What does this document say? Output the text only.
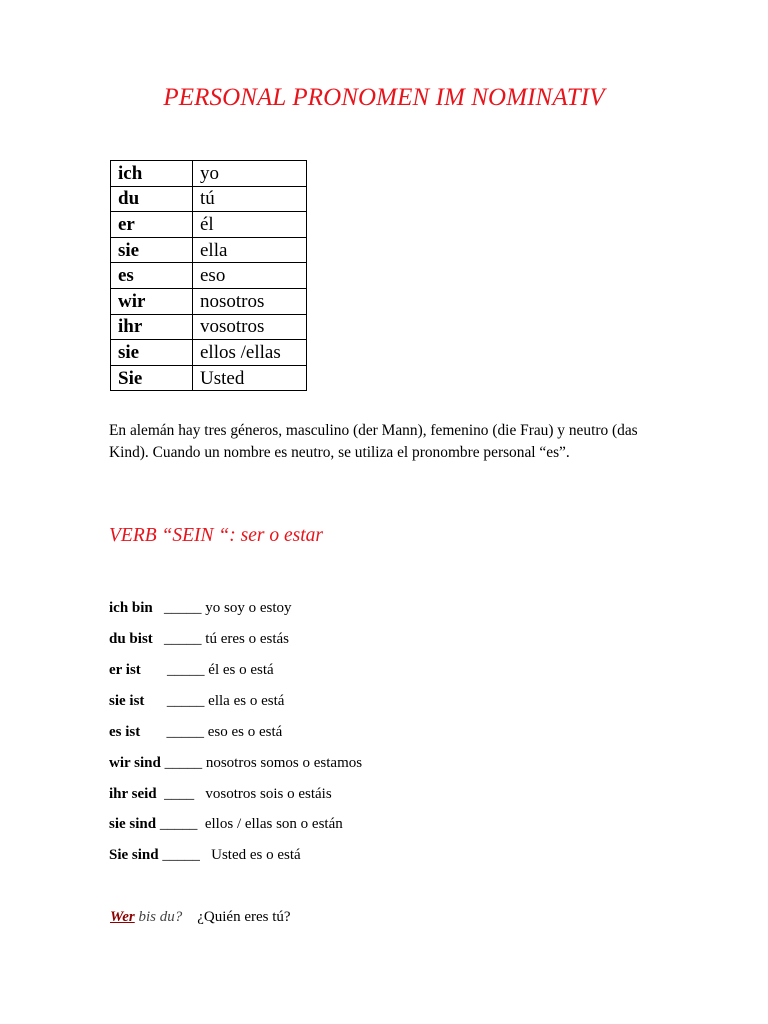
PERSONAL PRONOMEN IM NOMINATIV
ich	yo
du	tú
er	él
sie	ella
es	eso
wir	nosotros
ihr	vosotros
sie	ellos /ellas
Sie	Usted
En alemán hay tres géneros, masculino (der Mann), femenino (die Frau) y neutro (das Kind). Cuando un nombre es neutro, se utiliza el pronombre personal “es”.
VERB “SEIN “: ser o estar
ich bin   _____ yo soy o estoy
du bist   _____ tú eres o estás
er ist       _____ él es o está
sie ist      _____ ella es o está
es ist       _____ eso es o está
wir sind _____ nosotros somos o estamos
ihr seid  ____   vosotros sois o estáis
sie sind _____  ellos / ellas son o están
Sie sind _____   Usted es o está
Wer bis du?    ¿Quién eres tú?
